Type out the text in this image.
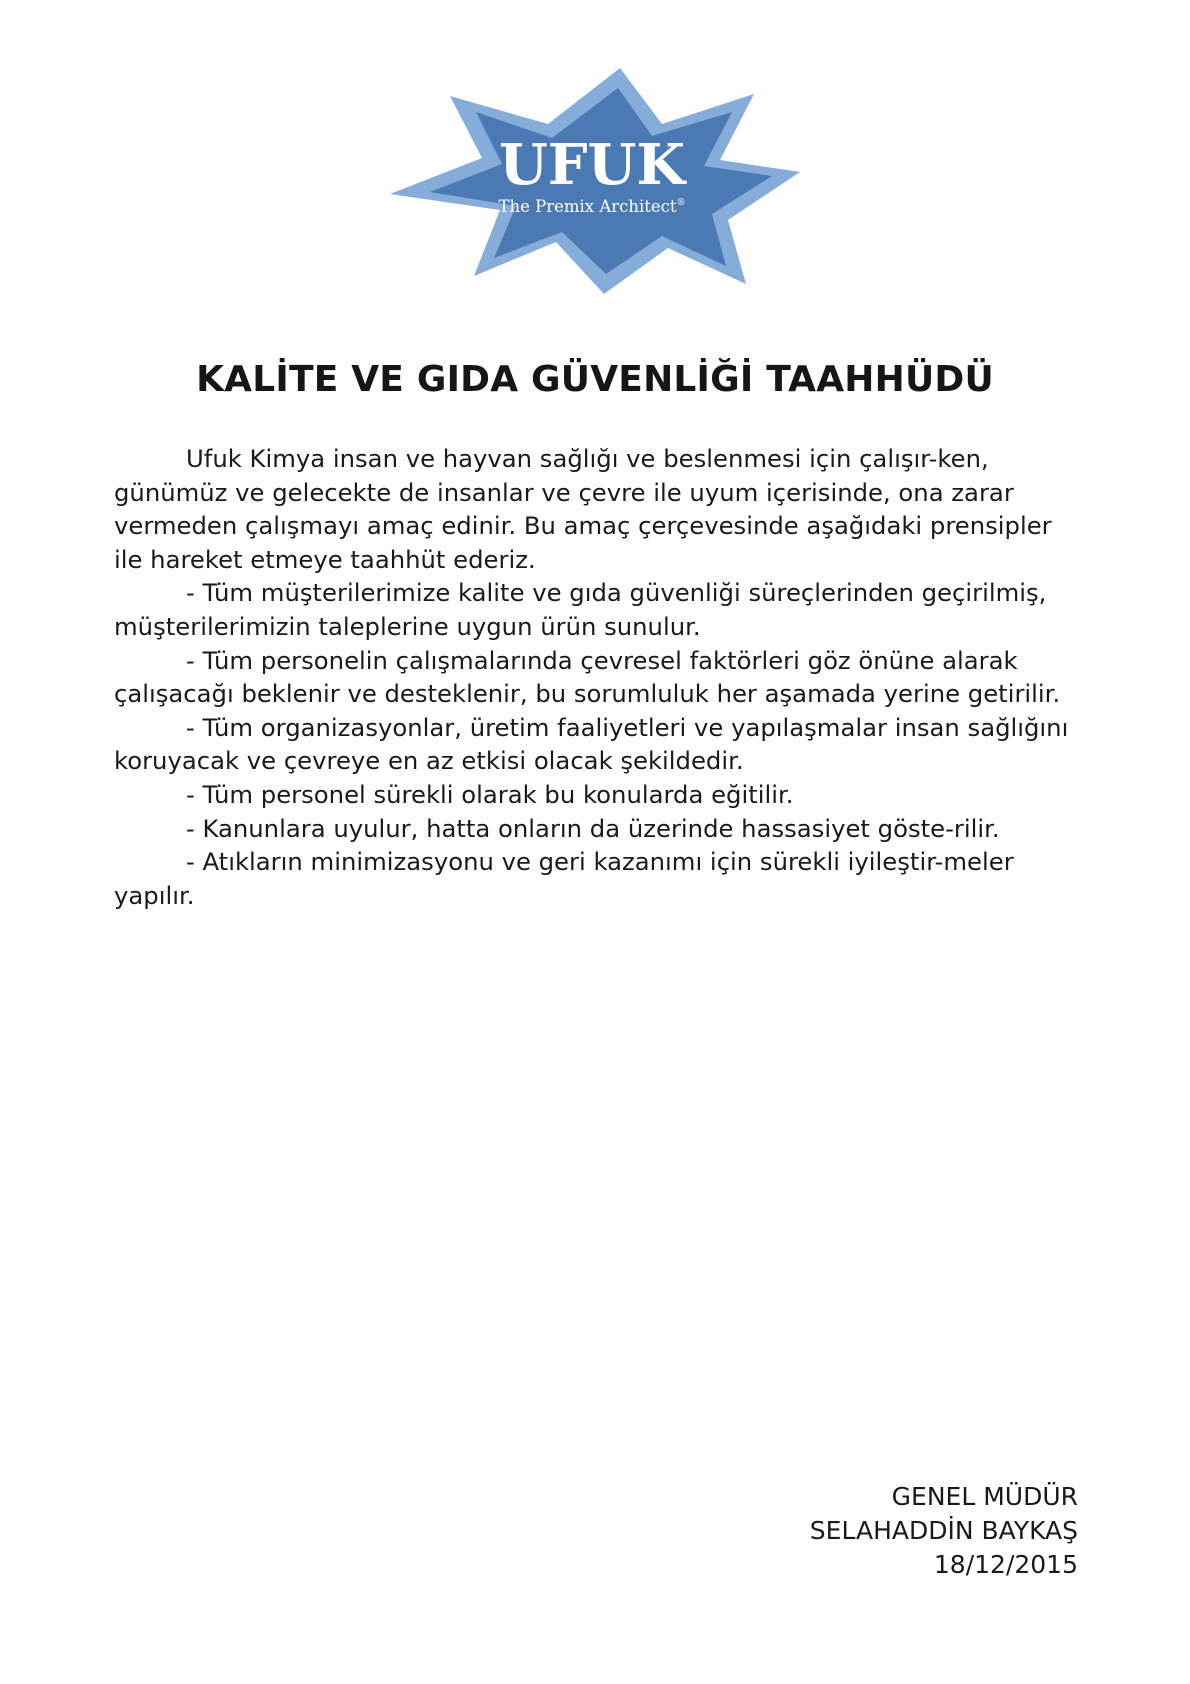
UFUK
The Premix Architect®
KALİTE VE GIDA GÜVENLİĞİ TAAHHÜDÜ

Ufuk Kimya insan ve hayvan sağlığı ve beslenmesi için çalışır-ken, günümüz ve gelecekte de insanlar ve çevre ile uyum içerisinde, ona zarar vermeden çalışmayı amaç edinir. Bu amaç çerçevesinde aşağıdaki prensipler ile hareket etmeye taahhüt ederiz.

- Tüm müşterilerimize kalite ve gıda güvenliği süreçlerinden geçirilmiş, müşterilerimizin taleplerine uygun ürün sunulur.

- Tüm personelin çalışmalarında çevresel faktörleri göz önüne alarak çalışacağı beklenir ve desteklenir, bu sorumluluk her aşamada yerine getirilir.

- Tüm organizasyonlar, üretim faaliyetleri ve yapılaşmalar insan sağlığını koruyacak ve çevreye en az etkisi olacak şekildedir.

- Tüm personel sürekli olarak bu konularda eğitilir.

- Kanunlara uyulur, hatta onların da üzerinde hassasiyet göste-rilir.

- Atıkların minimizasyonu ve geri kazanımı için sürekli iyileştir-meler yapılır.

GENEL MÜDÜR
SELAHADDİN BAYKAŞ
18/12/2015
